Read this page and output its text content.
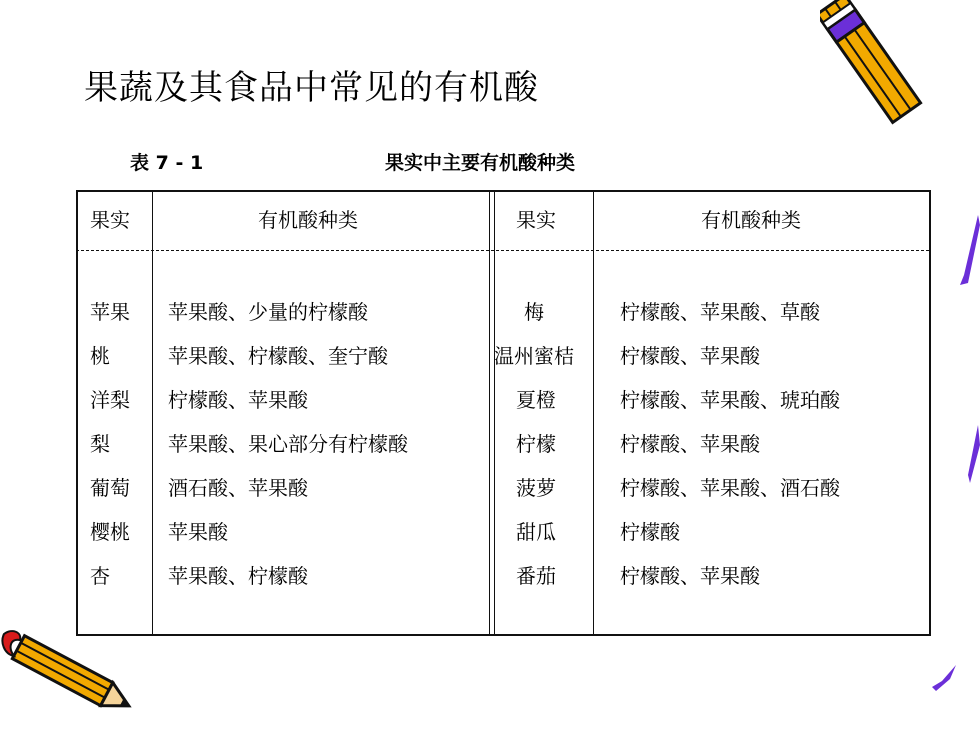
果蔬及其食品中常见的有机酸
表 7 - 1	果实中主要有机酸种类
果实	有机酸种类	果实	有机酸种类
苹果 苹果酸、少量的柠檬酸	梅	柠檬酸、苹果酸、草酸
桃	苹果酸、柠檬酸、奎宁酸	温州蜜桔 柠檬酸、苹果酸
洋梨 柠檬酸、苹果酸	夏橙	柠檬酸、苹果酸、琥珀酸
梨	苹果酸、果心部分有柠檬酸	柠檬	柠檬酸、苹果酸
葡萄 酒石酸、苹果酸	菠萝	柠檬酸、苹果酸、酒石酸
樱桃 苹果酸	甜瓜	柠檬酸
杏	苹果酸、柠檬酸	番茄	柠檬酸、苹果酸
